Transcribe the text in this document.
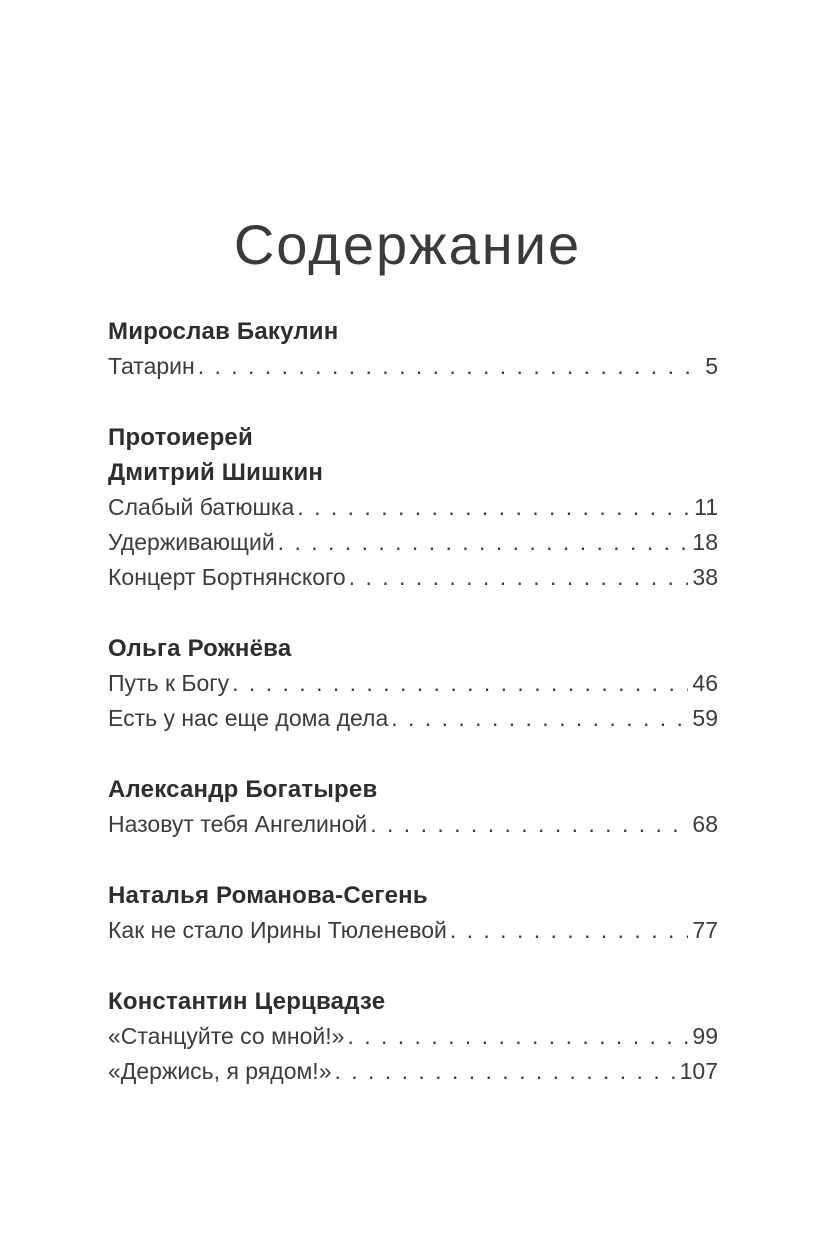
Содержание
Мирослав Бакулин
Татарин . . .	5
Протоиерей
Дмитрий Шишкин
Слабый батюшка . . .	11
Удерживающий . . .	18
Концерт Бортнянского . . .	38
Ольга Рожнёва
Путь к Богу . . .	46
Есть у нас еще дома дела . . .	59
Александр Богатырев
Назовут тебя Ангелиной . . .	68
Наталья Романова-Сегень
Как не стало Ирины Тюленевой . . .	77
Константин Церцвадзе
«Станцуйте со мной!» . . .	99
«Держись, я рядом!» . . .	107
